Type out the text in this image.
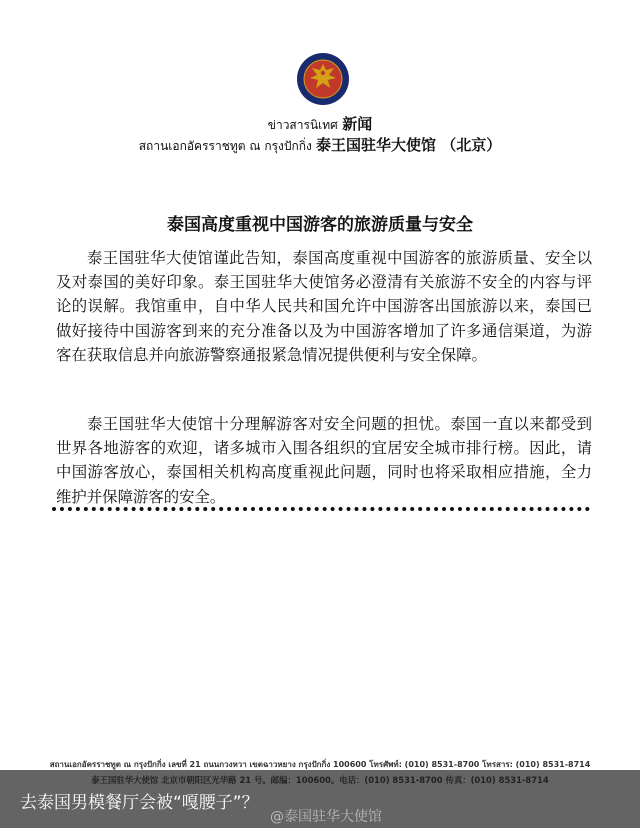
ข่าวสารนิเทศ 新闻
สถานเอกอัครราชทูต ณ กรุงปักกิ่ง 泰王国驻华大使馆 （北京）
泰国高度重视中国游客的旅游质量与安全

泰王国驻华大使馆谨此告知，泰国高度重视中国游客的旅游质量、安全以及对泰国的美好印象。泰王国驻华大使馆务必澄清有关旅游不安全的内容与评论的误解。我馆重申，自中华人民共和国允许中国游客出国旅游以来，泰国已做好接待中国游客到来的充分准备以及为中国游客增加了许多通信渠道，为游客在获取信息并向旅游警察通报紧急情况提供便利与安全保障。

泰王国驻华大使馆十分理解游客对安全问题的担忧。泰国一直以来都受到世界各地游客的欢迎，诸多城市入围各组织的宜居安全城市排行榜。因此，请中国游客放心，泰国相关机构高度重视此问题，同时也将采取相应措施，全力维护并保障游客的安全。

สถานเอกอัครราชทูต ณ กรุงปักกิ่ง เลขที่ 21 ถนนกวงหวา เขตฉาวหยาง กรุงปักกิ่ง 100600 โทรศัพท์: (010) 8531-8700 โทรสาร: (010) 8531-8714
去泰国男模餐厅会被“嘎腰子”？
@泰国驻华大使馆
